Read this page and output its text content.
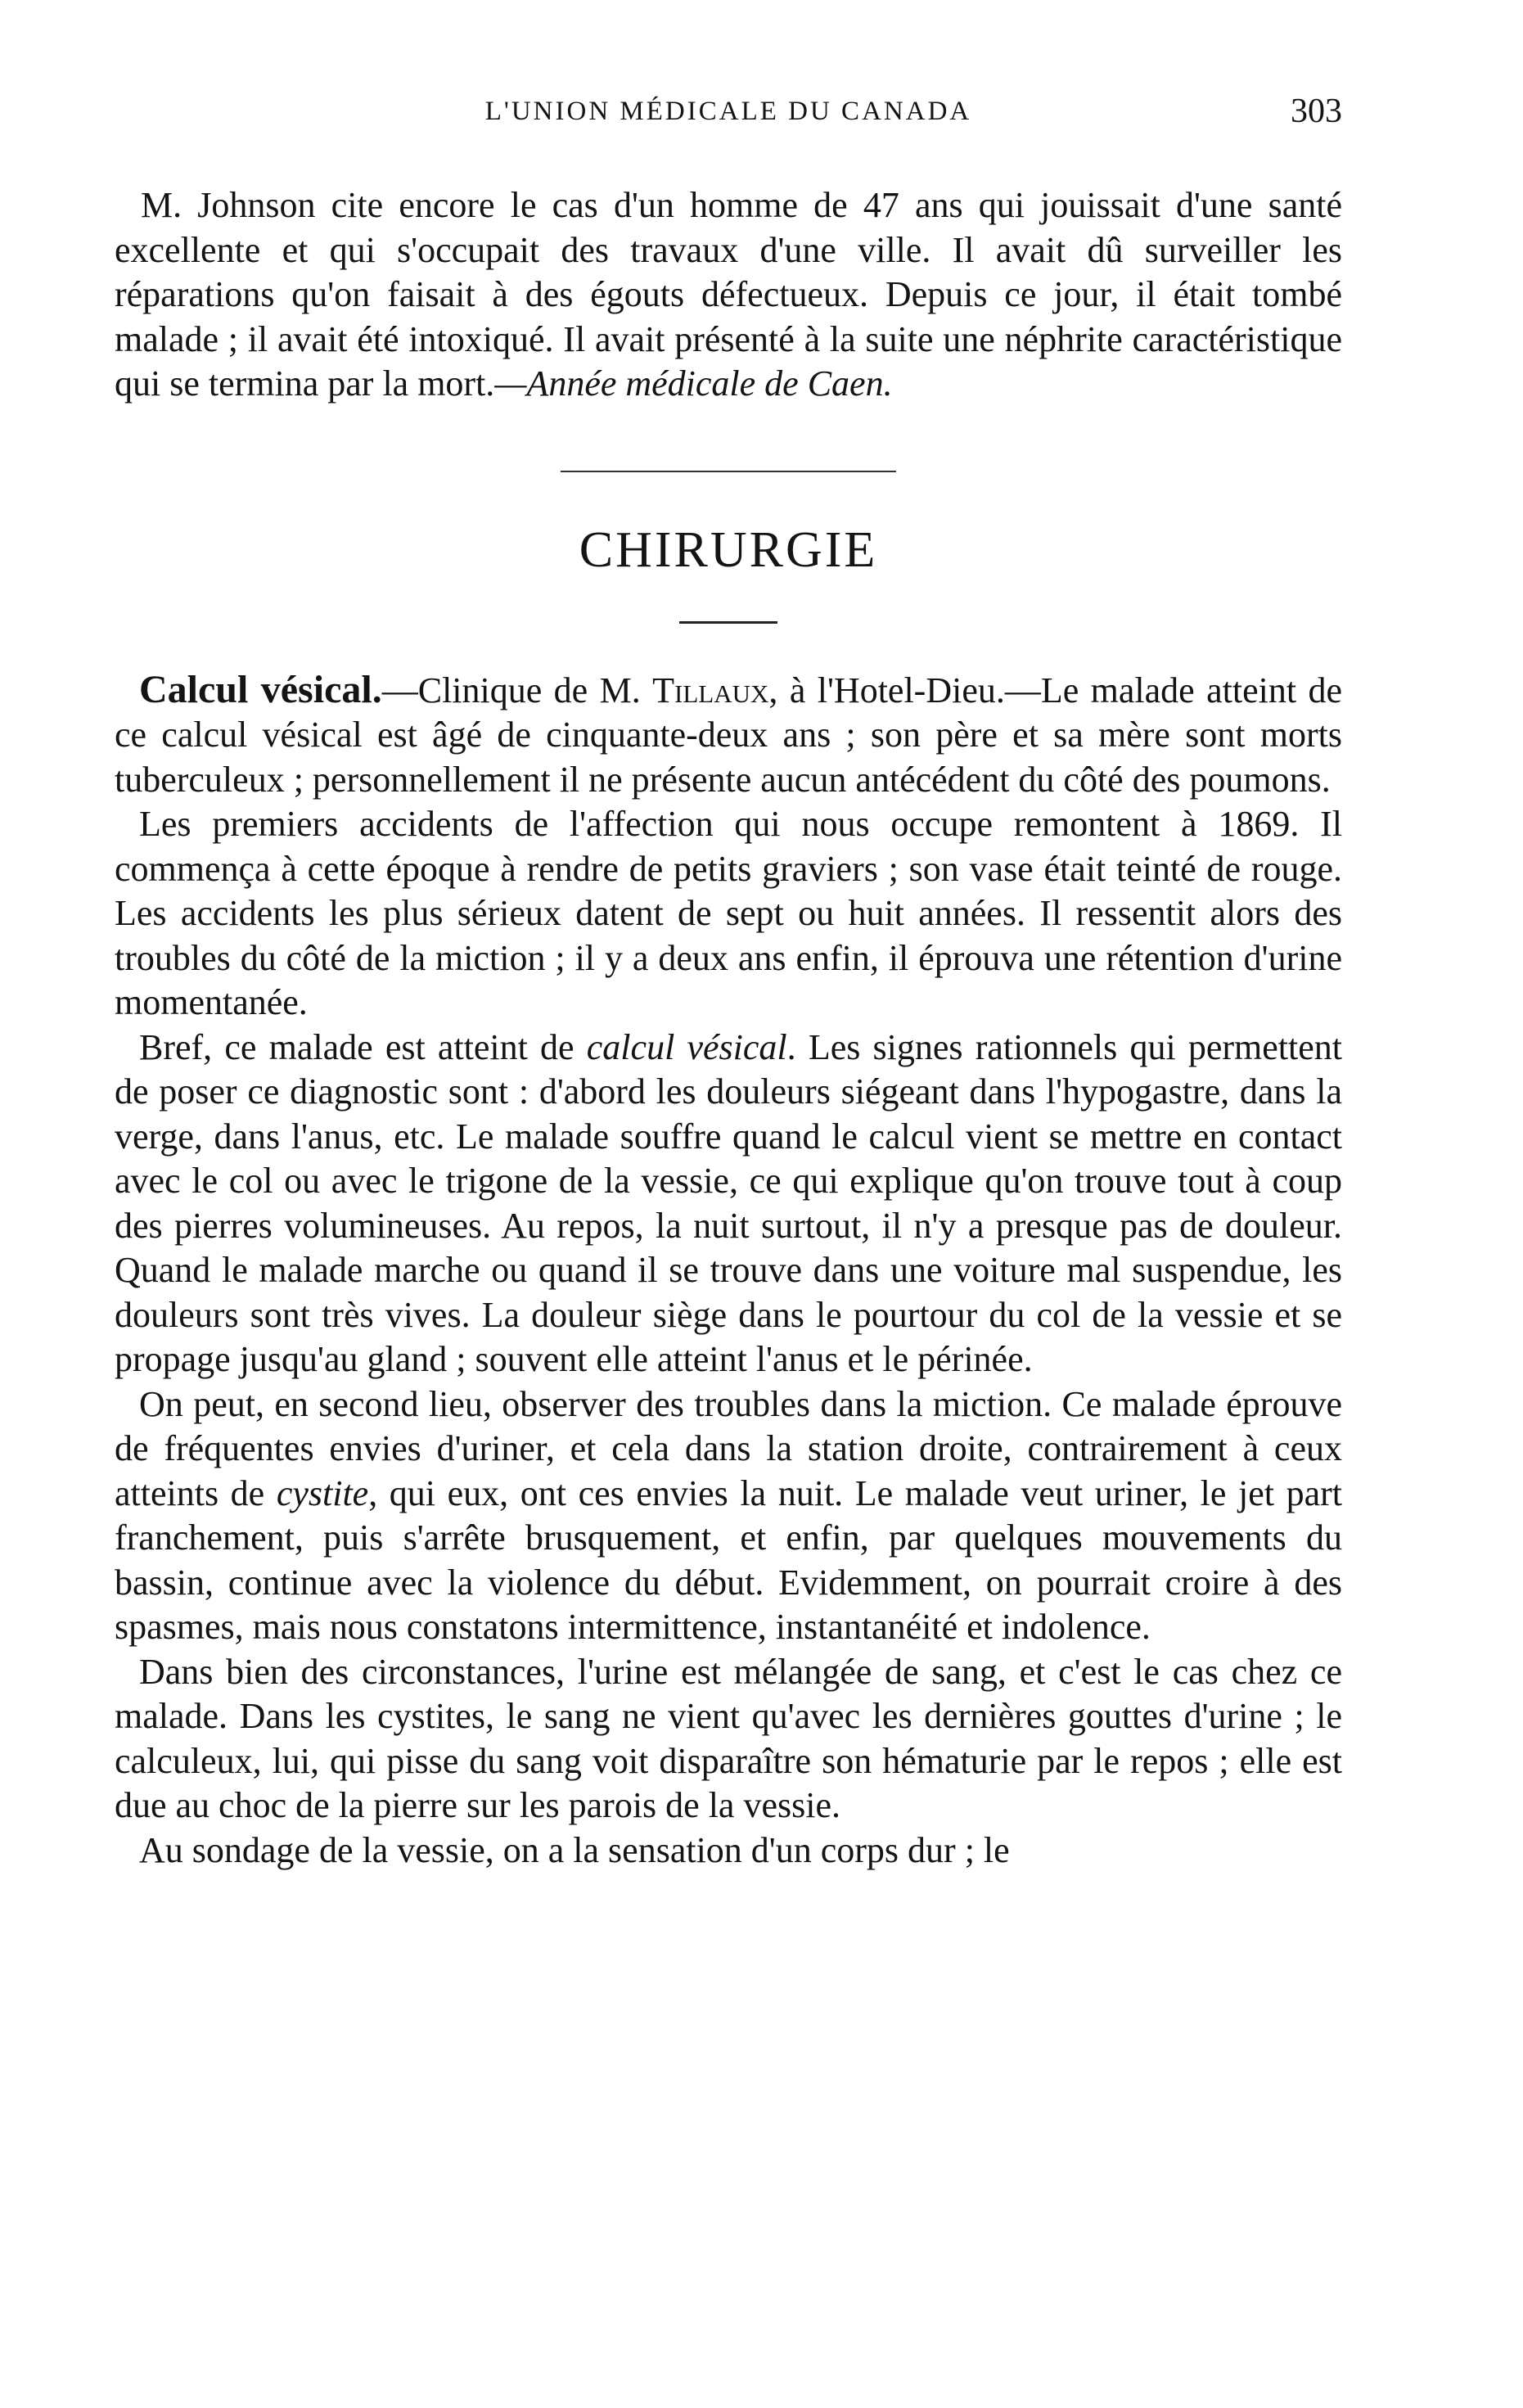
L'UNION MÉDICALE DU CANADA	303

M. Johnson cite encore le cas d'un homme de 47 ans qui jouissait d'une santé excellente et qui s'occupait des travaux d'une ville. Il avait dû surveiller les réparations qu'on faisait à des égouts défectueux. Depuis ce jour, il était tombé malade ; il avait été intoxiqué. Il avait présenté à la suite une néphrite caractéristique qui se termina par la mort.—Année médicale de Caen.

CHIRURGIE

Calcul vésical.—Clinique de M. Tillaux, à l'Hotel-Dieu.—Le malade atteint de ce calcul vésical est âgé de cinquante-deux ans ; son père et sa mère sont morts tuberculeux ; personnellement il ne présente aucun antécédent du côté des poumons.

Les premiers accidents de l'affection qui nous occupe remontent à 1869. Il commença à cette époque à rendre de petits graviers ; son vase était teinté de rouge. Les accidents les plus sérieux datent de sept ou huit années. Il ressentit alors des troubles du côté de la miction ; il y a deux ans enfin, il éprouva une rétention d'urine momentanée.

Bref, ce malade est atteint de calcul vésical. Les signes rationnels qui permettent de poser ce diagnostic sont : d'abord les douleurs siégeant dans l'hypogastre, dans la verge, dans l'anus, etc. Le malade souffre quand le calcul vient se mettre en contact avec le col ou avec le trigone de la vessie, ce qui explique qu'on trouve tout à coup des pierres volumineuses. Au repos, la nuit surtout, il n'y a presque pas de douleur. Quand le malade marche ou quand il se trouve dans une voiture mal suspendue, les douleurs sont très vives. La douleur siège dans le pourtour du col de la vessie et se propage jusqu'au gland ; souvent elle atteint l'anus et le périnée.

On peut, en second lieu, observer des troubles dans la miction. Ce malade éprouve de fréquentes envies d'uriner, et cela dans la station droite, contrairement à ceux atteints de cystite, qui eux, ont ces envies la nuit. Le malade veut uriner, le jet part franchement, puis s'arrête brusquement, et enfin, par quelques mouvements du bassin, continue avec la violence du début. Evidemment, on pourrait croire à des spasmes, mais nous constatons intermittence, instantanéité et indolence.

Dans bien des circonstances, l'urine est mélangée de sang, et c'est le cas chez ce malade. Dans les cystites, le sang ne vient qu'avec les dernières gouttes d'urine ; le calculeux, lui, qui pisse du sang voit disparaître son hématurie par le repos ; elle est due au choc de la pierre sur les parois de la vessie.

Au sondage de la vessie, on a la sensation d'un corps dur ; le
